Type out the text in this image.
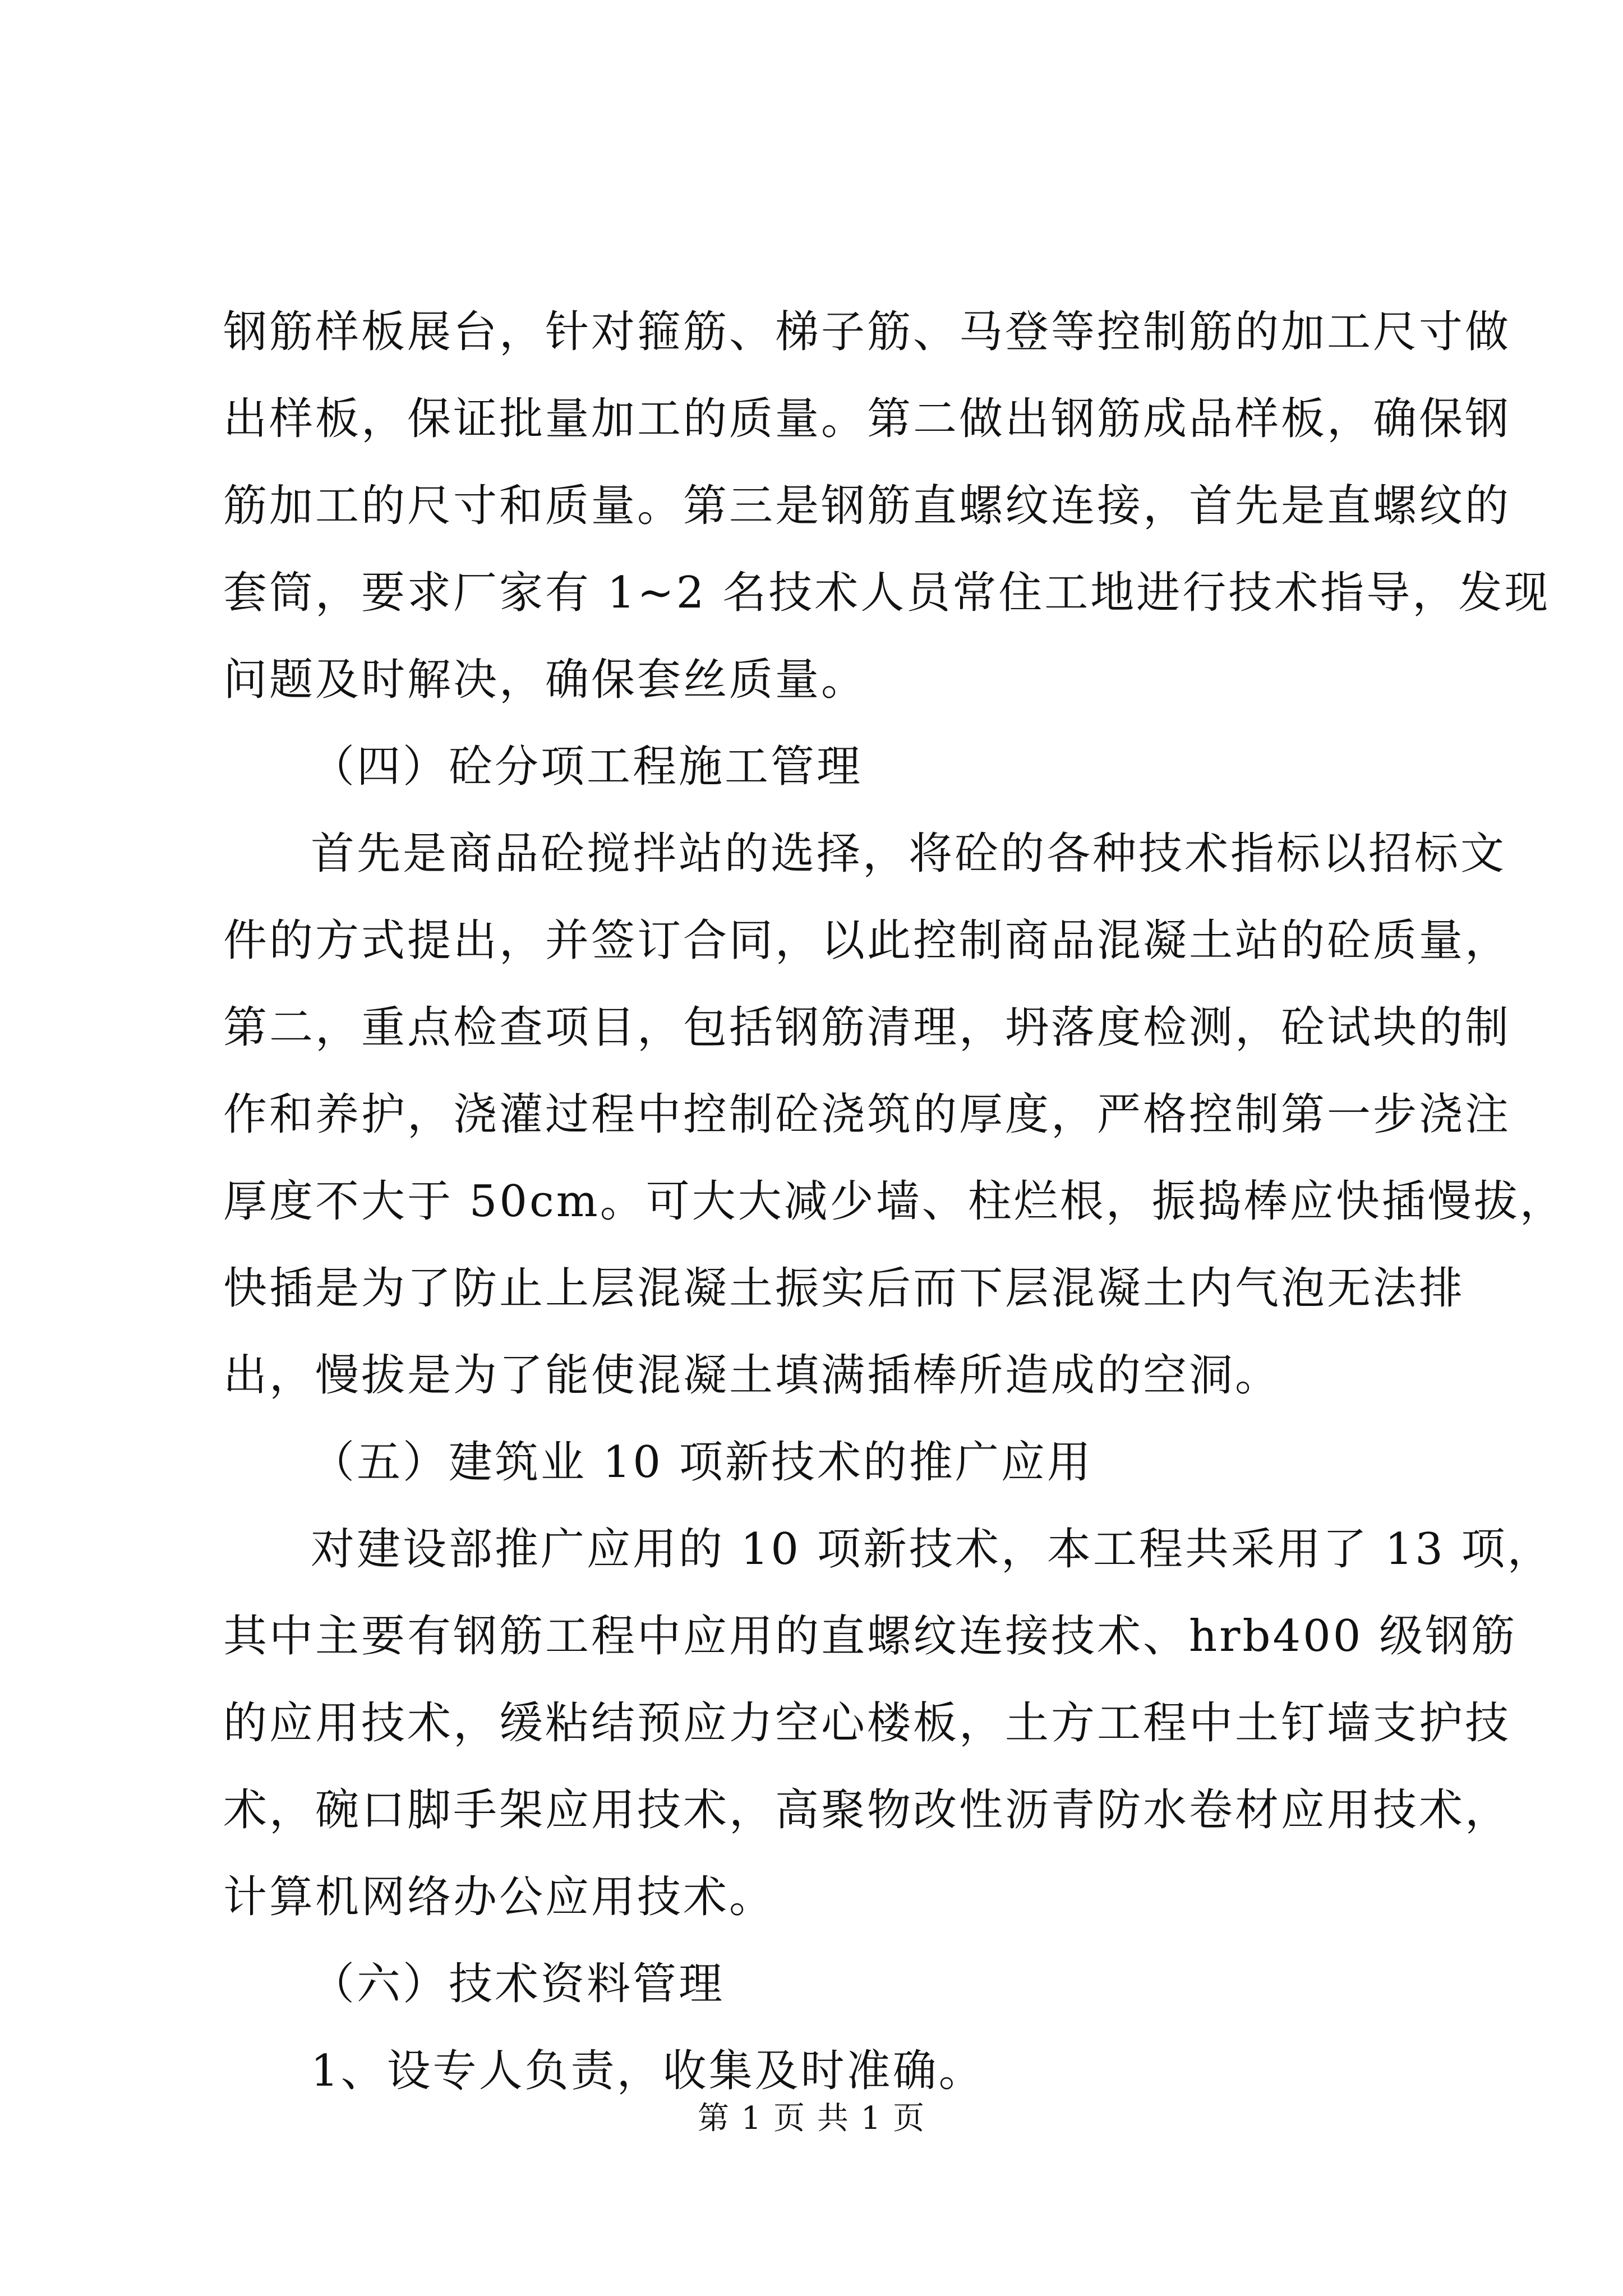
钢筋样板展台，针对箍筋、梯子筋、马登等控制筋的加工尺寸做
出样板，保证批量加工的质量。第二做出钢筋成品样板，确保钢
筋加工的尺寸和质量。第三是钢筋直螺纹连接，首先是直螺纹的
套筒，要求厂家有 1~2 名技术人员常住工地进行技术指导，发现
问题及时解决，确保套丝质量。

（四）砼分项工程施工管理

首先是商品砼搅拌站的选择，将砼的各种技术指标以招标文
件的方式提出，并签订合同，以此控制商品混凝土站的砼质量，
第二，重点检查项目，包括钢筋清理，坍落度检测，砼试块的制
作和养护，浇灌过程中控制砼浇筑的厚度，严格控制第一步浇注
厚度不大于 50cm。可大大减少墙、柱烂根，振捣棒应快插慢拔，
快插是为了防止上层混凝土振实后而下层混凝土内气泡无法排
出，慢拔是为了能使混凝土填满插棒所造成的空洞。

（五）建筑业 10 项新技术的推广应用

对建设部推广应用的 10 项新技术，本工程共采用了 13 项，
其中主要有钢筋工程中应用的直螺纹连接技术、hrb400 级钢筋
的应用技术，缓粘结预应力空心楼板，土方工程中土钉墙支护技
术，碗口脚手架应用技术，高聚物改性沥青防水卷材应用技术，
计算机网络办公应用技术。

（六）技术资料管理

1、设专人负责，收集及时准确。

第 1 页 共 1 页
